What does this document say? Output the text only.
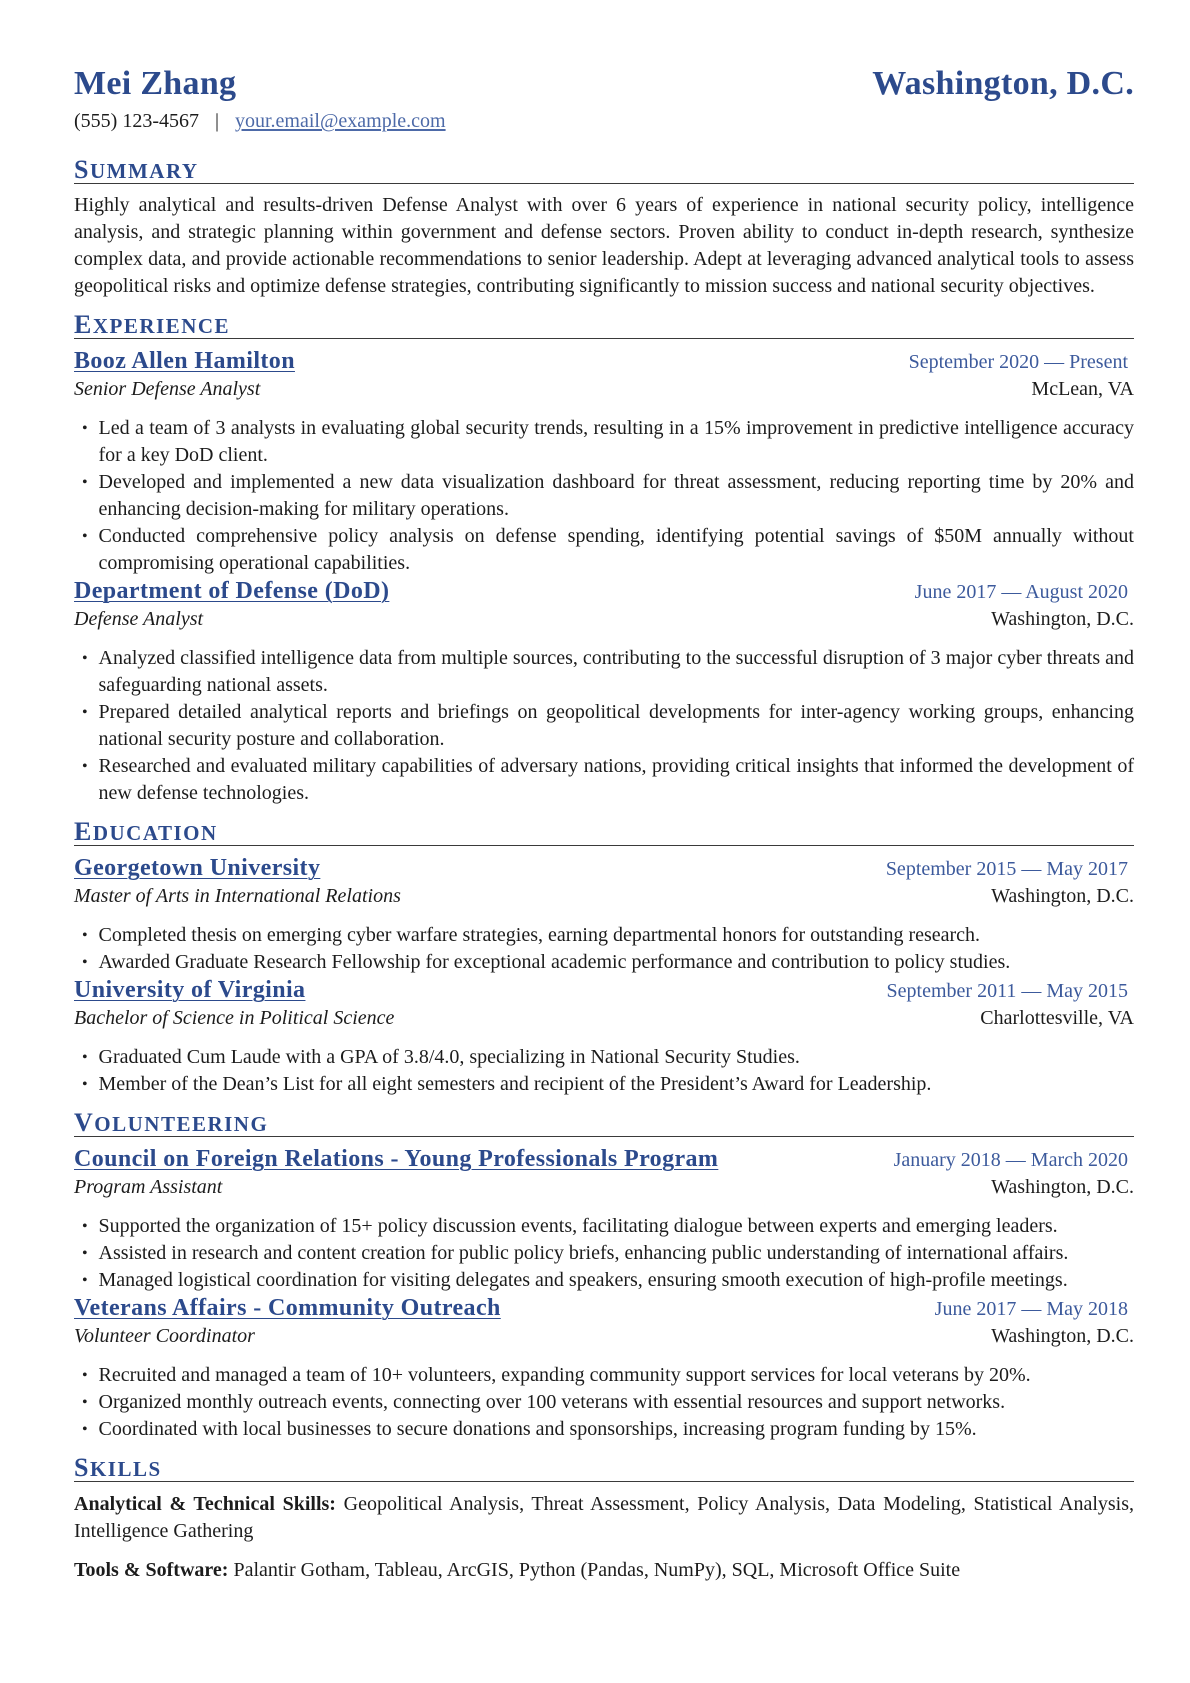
Mei Zhang	Washington, D.C.
(555) 123-4567 | your.email@example.com
SUMMARY

Highly analytical and results-driven Defense Analyst with over 6 years of experience in national security policy, intelligence analysis, and strategic planning within government and defense sectors. Proven ability to conduct in-depth research, synthesize complex data, and provide actionable recommendations to senior leadership. Adept at leveraging advanced analytical tools to assess geopolitical risks and optimize defense strategies, contributing significantly to mission success and national security objectives.

EXPERIENCE
Booz Allen Hamilton	September 2020 — Present
Senior Defense Analyst	McLean, VA
• Led a team of 3 analysts in evaluating global security trends, resulting in a 15% improvement in predictive intelligence accuracy for a key DoD client.
• Developed and implemented a new data visualization dashboard for threat assessment, reducing reporting time by 20% and enhancing decision-making for military operations.
• Conducted comprehensive policy analysis on defense spending, identifying potential savings of $50M annually without compromising operational capabilities.
Department of Defense (DoD)	June 2017 — August 2020
Defense Analyst	Washington, D.C.
• Analyzed classified intelligence data from multiple sources, contributing to the successful disruption of 3 major cyber threats and safeguarding national assets.
• Prepared detailed analytical reports and briefings on geopolitical developments for inter-agency working groups, enhancing national security posture and collaboration.
• Researched and evaluated military capabilities of adversary nations, providing critical insights that informed the development of new defense technologies.
EDUCATION
Georgetown University	September 2015 — May 2017
Master of Arts in International Relations	Washington, D.C.
• Completed thesis on emerging cyber warfare strategies, earning departmental honors for outstanding research.
• Awarded Graduate Research Fellowship for exceptional academic performance and contribution to policy studies.
University of Virginia	September 2011 — May 2015
Bachelor of Science in Political Science	Charlottesville, VA
• Graduated Cum Laude with a GPA of 3.8/4.0, specializing in National Security Studies.
• Member of the Dean’s List for all eight semesters and recipient of the President’s Award for Leadership.
VOLUNTEERING
Council on Foreign Relations - Young Professionals Program	January 2018 — March 2020
Program Assistant	Washington, D.C.
• Supported the organization of 15+ policy discussion events, facilitating dialogue between experts and emerging leaders.
• Assisted in research and content creation for public policy briefs, enhancing public understanding of international affairs.
• Managed logistical coordination for visiting delegates and speakers, ensuring smooth execution of high-profile meetings.
Veterans Affairs - Community Outreach	June 2017 — May 2018
Volunteer Coordinator	Washington, D.C.
• Recruited and managed a team of 10+ volunteers, expanding community support services for local veterans by 20%.
• Organized monthly outreach events, connecting over 100 veterans with essential resources and support networks.
• Coordinated with local businesses to secure donations and sponsorships, increasing program funding by 15%.
SKILLS

Analytical & Technical Skills: Geopolitical Analysis, Threat Assessment, Policy Analysis, Data Modeling, Statistical Analysis, Intelligence Gathering

Tools & Software: Palantir Gotham, Tableau, ArcGIS, Python (Pandas, NumPy), SQL, Microsoft Office Suite
